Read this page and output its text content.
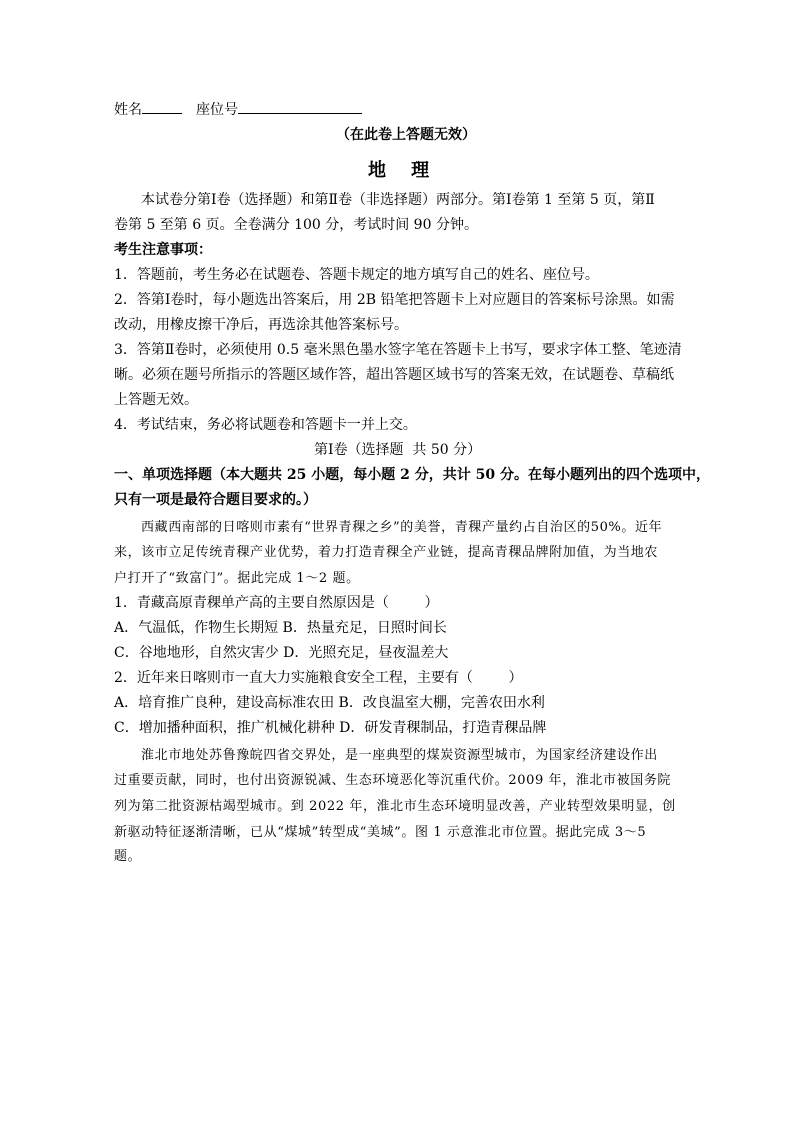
姓名	座位号
（在此卷上答题无效）
地    理
本试卷分第Ⅰ卷（选择题）和第Ⅱ卷（非选择题）两部分。第Ⅰ卷第 1 至第 5 页，第Ⅱ
卷第 5 至第 6 页。全卷满分 100 分，考试时间 90 分钟。
考生注意事项：
1．答题前，考生务必在试题卷、答题卡规定的地方填写自己的姓名、座位号。
2．答第Ⅰ卷时，每小题选出答案后，用 2B 铅笔把答题卡上对应题目的答案标号涂黑。如需
改动，用橡皮擦干净后，再选涂其他答案标号。
3．答第Ⅱ卷时，必须使用 0.5 毫米黑色墨水签字笔在答题卡上书写，要求字体工整、笔迹清
晰。必须在题号所指示的答题区域作答，超出答题区域书写的答案无效，在试题卷、草稿纸
上答题无效。
4．考试结束，务必将试题卷和答题卡一并上交。
第Ⅰ卷（选择题  共 50 分）
一、单项选择题（本大题共 25 小题，每小题 2 分，共计 50 分。在每小题列出的四个选项中，
只有一项是最符合题目要求的。）
西藏西南部的日喀则市素有“世界青稞之乡”的美誉，青稞产量约占自治区的50%。近年
来，该市立足传统青稞产业优势，着力打造青稞全产业链，提高青稞品牌附加值，为当地农
户打开了“致富门”。据此完成 1～2 题。
1．青藏高原青稞单产高的主要自然原因是（        ）
A．气温低，作物生长期短 B．热量充足，日照时间长
C．谷地地形，自然灾害少 D．光照充足，昼夜温差大
2．近年来日喀则市一直大力实施粮食安全工程，主要有（        ）
A．培育推广良种，建设高标准农田 B．改良温室大棚，完善农田水利
C．增加播种面积，推广机械化耕种 D．研发青稞制品，打造青稞品牌
淮北市地处苏鲁豫皖四省交界处，是一座典型的煤炭资源型城市，为国家经济建设作出
过重要贡献，同时，也付出资源锐减、生态环境恶化等沉重代价。2009 年，淮北市被国务院
列为第二批资源枯竭型城市。到 2022 年，淮北市生态环境明显改善，产业转型效果明显，创
新驱动特征逐渐清晰，已从“煤城”转型成“美城”。图 1 示意淮北市位置。据此完成 3～5
题。
